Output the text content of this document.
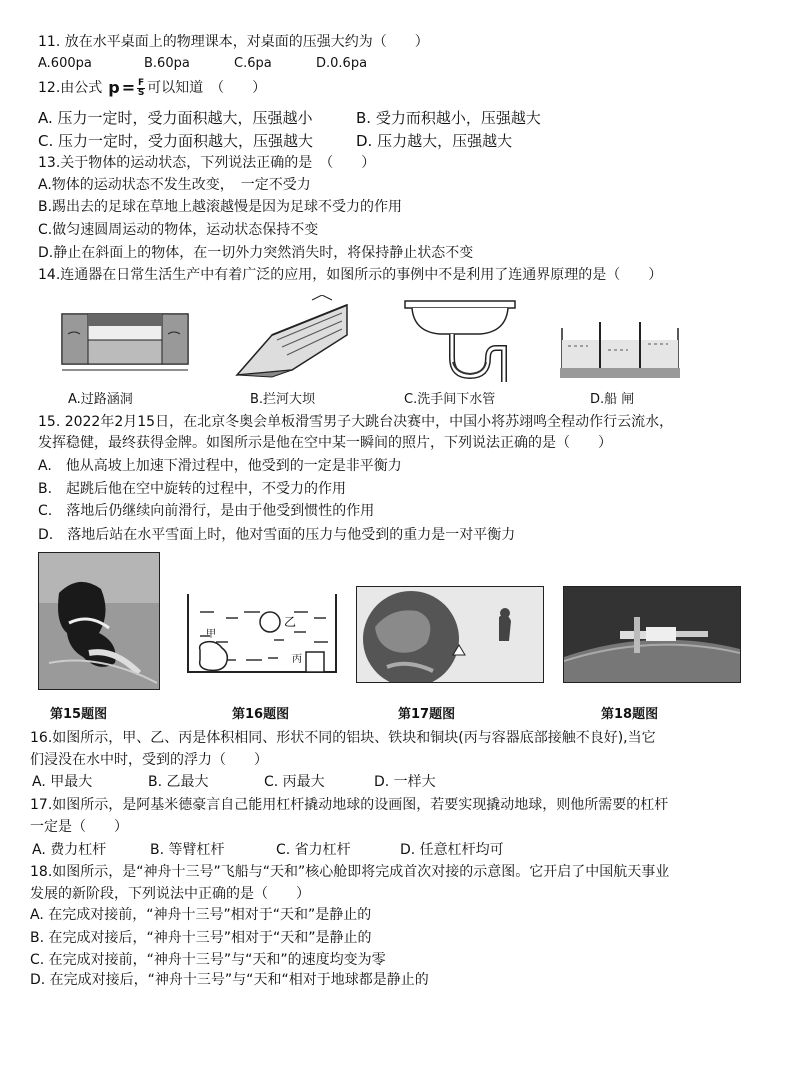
11. 放在水平桌面上的物理课本，对桌面的压强大约为（　　）
A.600pa	B.60pa	C.6pa	D.0.6pa
12.由公式 $p = \frac{F}{S}$ 可以知道　（　　）
A. 压力一定时，受力面积越大，压强越小	B. 受力而积越小，压强越大
C. 压力一定时，受力面积越大，压强越大	D. 压力越大，压强越大
13.关于物体的运动状态，下列说法正确的是　（　　）
A.物体的运动状态不发生改变，　一定不受力
B.踢出去的足球在草地上越滚越慢是因为足球不受力的作用
C.做匀速圆周运动的物体，运动状态保持不变
D.静止在斜面上的物体，在一切外力突然消失时，将保持静止状态不变
14.连通器在日常生活生产中有着广泛的应用，如图所示的事例中不是利用了连通界原理的是（　　）
A.过路涵洞	B.拦河大坝	C.洗手间下水管	D.船 闸
15. 2022年2月15日，在北京冬奥会单板滑雪男子大跳台决赛中，中国小将苏翊鸣全程动作行云流水，
发挥稳健，最终获得金牌。如图所示是他在空中某一瞬间的照片，下列说法正确的是（　　）
A.　他从高坡上加速下滑过程中，他受到的一定是非平衡力
B.　起跳后他在空中旋转的过程中，不受力的作用
C.　落地后仍继续向前滑行，是由于他受到惯性的作用
D.　落地后站在水平雪面上时，他对雪面的压力与他受到的重力是一对平衡力
甲
乙
丙
第15题图	第16题图	第17题图	第18题图
16.如图所示，甲、乙、丙是体积相同、形状不同的铝块、铁块和铜块(丙与容器底部接触不良好),当它
们浸没在水中时，受到的浮力（　　）
A. 甲最大	B. 乙最大	C. 丙最大	D. 一样大
17.如图所示，是阿基米德豪言自己能用杠杆撬动地球的设画图，若要实现撬动地球，则他所需要的杠杆
一定是（　　）
A. 费力杠杆	B. 等臂杠杆	C. 省力杠杆	D. 任意杠杆均可
18.如图所示，是“神舟十三号”飞船与“天和”核心舱即将完成首次对接的示意图。它开启了中国航天事业
发展的新阶段，下列说法中正确的是（　　）
A. 在完成对接前，“神舟十三号”相对于“天和”是静止的
B. 在完成对接后，“神舟十三号”相对于“天和”是静止的
C. 在完成对接前，“神舟十三号”与“天和”的速度均变为零
D. 在完成对接后，“神舟十三号”与“天和“相对于地球都是静止的
